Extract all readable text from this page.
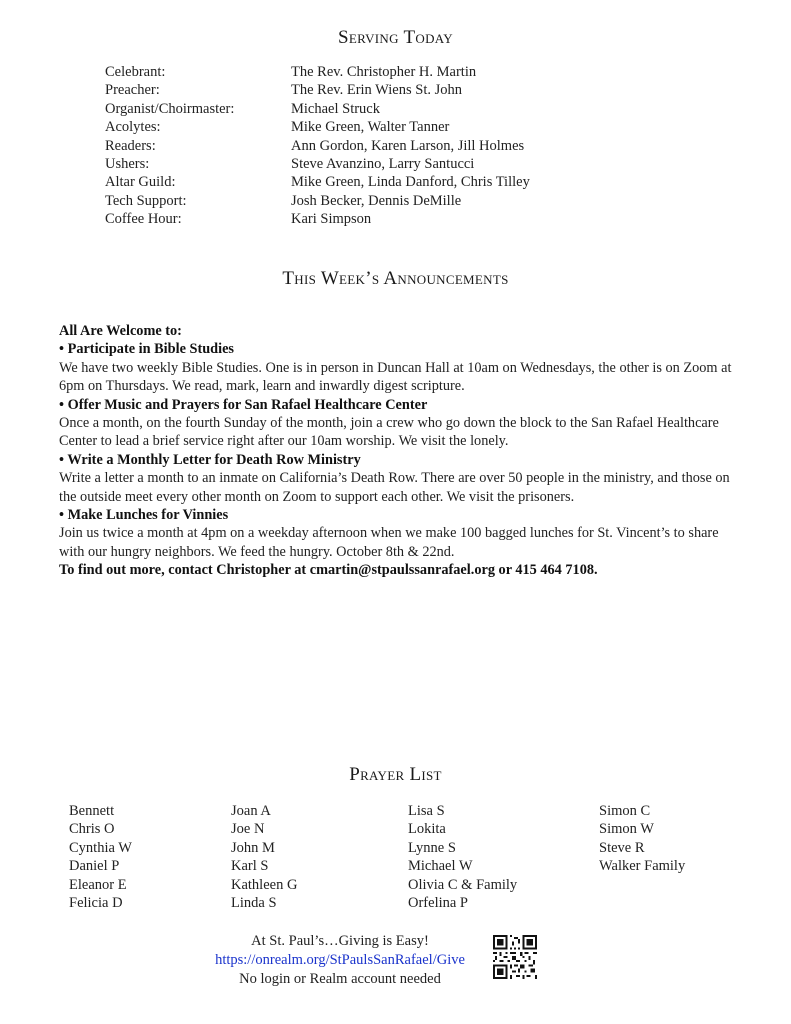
Serving Today
Celebrant:	The Rev. Christopher H. Martin
Preacher:	The Rev. Erin Wiens St. John
Organist/Choirmaster:	Michael Struck
Acolytes:	Mike Green, Walter Tanner
Readers:	Ann Gordon, Karen Larson, Jill Holmes
Ushers:	Steve Avanzino, Larry Santucci
Altar Guild:	Mike Green, Linda Danford, Chris Tilley
Tech Support:	Josh Becker, Dennis DeMille
Coffee Hour:	Kari Simpson
This Week’s Announcements

All Are Welcome to:

• Participate in Bible Studies

We have two weekly Bible Studies. One is in person in Duncan Hall at 10am on Wednesdays, the other is on Zoom at 6pm on Thursdays. We read, mark, learn and inwardly digest scripture.

• Offer Music and Prayers for San Rafael Healthcare Center

Once a month, on the fourth Sunday of the month, join a crew who go down the block to the San Rafael Healthcare Center to lead a brief service right after our 10am worship. We visit the lonely.

• Write a Monthly Letter for Death Row Ministry

Write a letter a month to an inmate on California’s Death Row. There are over 50 people in the ministry, and those on the outside meet every other month on Zoom to support each other. We visit the prisoners.

• Make Lunches for Vinnies

Join us twice a month at 4pm on a weekday afternoon when we make 100 bagged lunches for St. Vincent’s to share with our hungry neighbors. We feed the hungry. October 8th & 22nd.

To find out more, contact Christopher at cmartin@stpaulssanrafael.org or 415 464 7108.

Prayer List
Bennett
Chris O
Cynthia W
Daniel P
Eleanor E
Felicia D
Joan A
Joe N
John M
Karl S
Kathleen G
Linda S
Lisa S
Lokita
Lynne S
Michael W
Olivia C & Family
Orfelina P
Simon C
Simon W
Steve R
Walker Family
At St. Paul’s…Giving is Easy!
https://onrealm.org/StPaulsSanRafael/Give
No login or Realm account needed
